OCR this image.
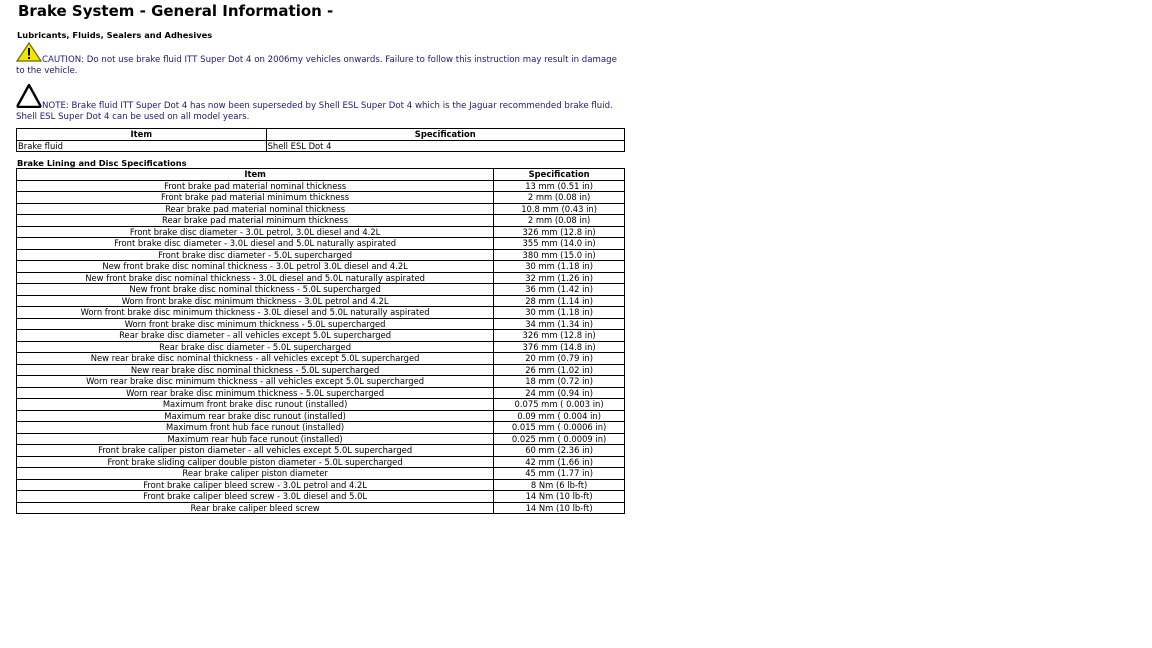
Brake System - General Information -
Lubricants, Fluids, Sealers and Adhesives
CAUTION: Do not use brake fluid ITT Super Dot 4 on 2006my vehicles onwards. Failure to follow this instruction may result in damage to the vehicle.
NOTE: Brake fluid ITT Super Dot 4 has now been superseded by Shell ESL Super Dot 4 which is the Jaguar recommended brake fluid. Shell ESL Super Dot 4 can be used on all model years.
Item	Specification
Brake fluid	Shell ESL Dot 4
Brake Lining and Disc Specifications
Item	Specification
Front brake pad material nominal thickness	13 mm (0.51 in)
Front brake pad material minimum thickness	2 mm (0.08 in)
Rear brake pad material nominal thickness	10.8 mm (0.43 in)
Rear brake pad material minimum thickness	2 mm (0.08 in)
Front brake disc diameter - 3.0L petrol, 3.0L diesel and 4.2L	326 mm (12.8 in)
Front brake disc diameter - 3.0L diesel and 5.0L naturally aspirated	355 mm (14.0 in)
Front brake disc diameter - 5.0L supercharged	380 mm (15.0 in)
New front brake disc nominal thickness - 3.0L petrol 3.0L diesel and 4.2L	30 mm (1.18 in)
New front brake disc nominal thickness - 3.0L diesel and 5.0L naturally aspirated	32 mm (1.26 in)
New front brake disc nominal thickness - 5.0L supercharged	36 mm (1.42 in)
Worn front brake disc minimum thickness - 3.0L petrol and 4.2L	28 mm (1.14 in)
Worn front brake disc minimum thickness - 3.0L diesel and 5.0L naturally aspirated	30 mm (1.18 in)
Worn front brake disc minimum thickness - 5.0L supercharged	34 mm (1.34 in)
Rear brake disc diameter - all vehicles except 5.0L supercharged	326 mm (12.8 in)
Rear brake disc diameter - 5.0L supercharged	376 mm (14.8 in)
New rear brake disc nominal thickness - all vehicles except 5.0L supercharged	20 mm (0.79 in)
New rear brake disc nominal thickness - 5.0L supercharged	26 mm (1.02 in)
Worn rear brake disc minimum thickness - all vehicles except 5.0L supercharged	18 mm (0.72 in)
Worn rear brake disc minimum thickness - 5.0L supercharged	24 mm (0.94 in)
Maximum front brake disc runout (installed)	0.075 mm ( 0.003 in)
Maximum rear brake disc runout (installed)	0.09 mm ( 0.004 in)
Maximum front hub face runout (installed)	0.015 mm ( 0.0006 in)
Maximum rear hub face runout (installed)	0.025 mm ( 0.0009 in)
Front brake caliper piston diameter - all vehicles except 5.0L supercharged	60 mm (2.36 in)
Front brake sliding caliper double piston diameter - 5.0L supercharged	42 mm (1.66 in)
Rear brake caliper piston diameter	45 mm (1.77 in)
Front brake caliper bleed screw - 3.0L petrol and 4.2L	8 Nm (6 lb-ft)
Front brake caliper bleed screw - 3.0L diesel and 5.0L	14 Nm (10 lb-ft)
Rear brake caliper bleed screw	14 Nm (10 lb-ft)
